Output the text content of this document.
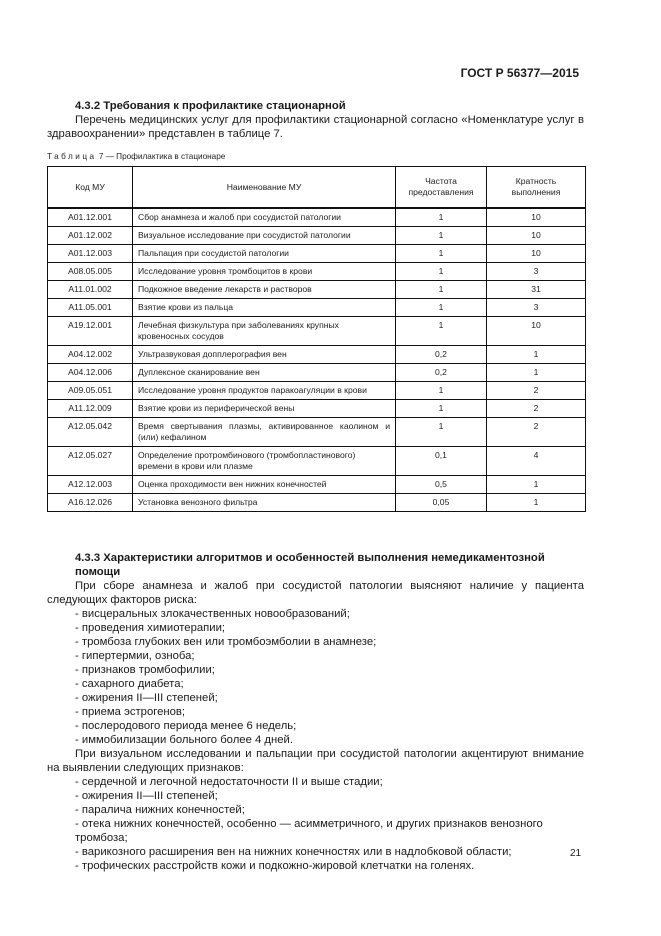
ГОСТ Р 56377—2015
4.3.2 Требования к профилактике стационарной
Перечень медицинских услуг для профилактики стационарной согласно «Номенклатуре услуг в здравоохранении» представлен в таблице 7.
Таблица 7 — Профилактика в стационаре
Код МУ	Наименование МУ	Частота предоставления	Кратность выполнения
A01.12.001	Сбор анамнеза и жалоб при сосудистой патологии	1	10
A01.12.002	Визуальное исследование при сосудистой патологии	1	10
A01.12.003	Пальпация при сосудистой патологии	1	10
A08.05.005	Исследование уровня тромбоцитов в крови	1	3
A11.01.002	Подкожное введение лекарств и растворов	1	31
A11.05.001	Взятие крови из пальца	1	3
A19.12.001	Лечебная физкультура при заболеваниях крупных кровеносных сосудов	1	10
A04.12.002	Ультразвуковая допплерография вен	0,2	1
A04.12.006	Дуплексное сканирование вен	0,2	1
A09.05.051	Исследование уровня продуктов паракоагуляции в крови	1	2
A11.12.009	Взятие крови из периферической вены	1	2
A12.05.042	Время свертывания плазмы, активированное каолином и (или) кефалином	1	2
A12.05.027	Определение протромбинового (тромбопластинового) времени в крови или плазме	0,1	4
A12.12.003	Оценка проходимости вен нижних конечностей	0,5	1
A16.12.026	Установка венозного фильтра	0,05	1
4.3.3 Характеристики алгоритмов и особенностей выполнения немедикаментозной помощи
При сборе анамнеза и жалоб при сосудистой патологии выясняют наличие у пациента следующих факторов риска:
- висцеральных злокачественных новообразований;
- проведения химиотерапии;
- тромбоза глубоких вен или тромбоэмболии в анамнезе;
- гипертермии, озноба;
- признаков тромбофилии;
- сахарного диабета;
- ожирения II—III степеней;
- приема эстрогенов;
- послеродового периода менее 6 недель;
- иммобилизации больного более 4 дней.
При визуальном исследовании и пальпации при сосудистой патологии акцентируют внимание на выявлении следующих признаков:
- сердечной и легочной недостаточности II и выше стадии;
- ожирения II—III степеней;
- паралича нижних конечностей;
- отека нижних конечностей, особенно — асимметричного, и других признаков венозного тромбоза;
- варикозного расширения вен на нижних конечностях или в надлобковой области;
- трофических расстройств кожи и подкожно-жировой клетчатки на голенях.
21
